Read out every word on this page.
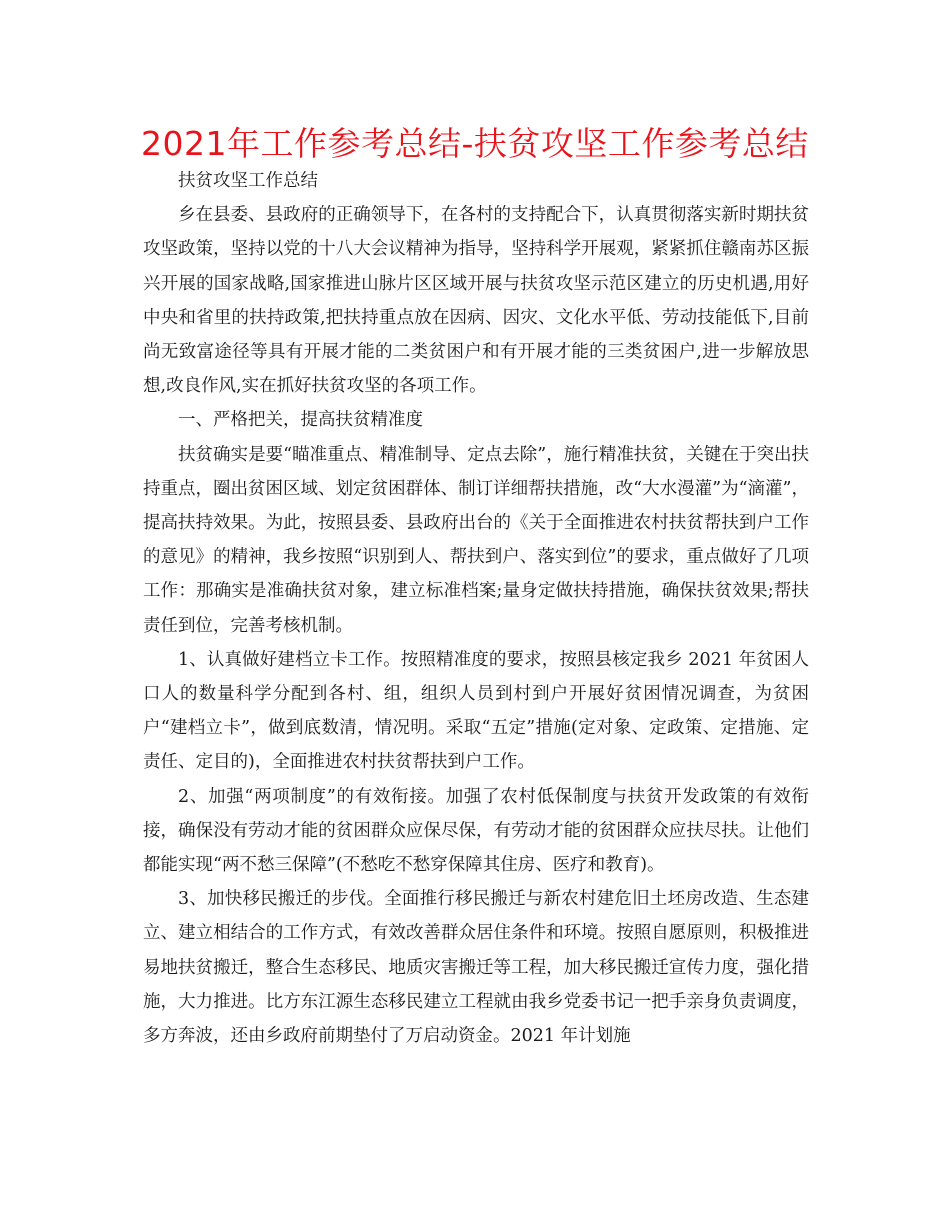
2021年工作参考总结-扶贫攻坚工作参考总结

扶贫攻坚工作总结

乡在县委、县政府的正确领导下，在各村的支持配合下，认真贯彻落实新时期扶贫攻坚政策，坚持以党的十八大会议精神为指导，坚持科学开展观，紧紧抓住赣南苏区振兴开展的国家战略,国家推进山脉片区区域开展与扶贫攻坚示范区建立的历史机遇,用好中央和省里的扶持政策,把扶持重点放在因病、因灾、文化水平低、劳动技能低下,目前尚无致富途径等具有开展才能的二类贫困户和有开展才能的三类贫困户,进一步解放思想,改良作风,实在抓好扶贫攻坚的各项工作。

一、严格把关，提高扶贫精准度

扶贫确实是要“瞄准重点、精准制导、定点去除”，施行精准扶贫，关键在于突出扶持重点，圈出贫困区域、划定贫困群体、制订详细帮扶措施，改“大水漫灌”为“滴灌”，提高扶持效果。为此，按照县委、县政府出台的《关于全面推进农村扶贫帮扶到户工作的意见》的精神，我乡按照“识别到人、帮扶到户、落实到位”的要求，重点做好了几项工作：那确实是准确扶贫对象，建立标准档案;量身定做扶持措施，确保扶贫效果;帮扶责任到位，完善考核机制。

1、认真做好建档立卡工作。按照精准度的要求，按照县核定我乡 2021 年贫困人口人的数量科学分配到各村、组，组织人员到村到户开展好贫困情况调查，为贫困户“建档立卡”，做到底数清，情况明。采取“五定”措施(定对象、定政策、定措施、定责任、定目的)，全面推进农村扶贫帮扶到户工作。

2、加强“两项制度”的有效衔接。加强了农村低保制度与扶贫开发政策的有效衔接，确保没有劳动才能的贫困群众应保尽保，有劳动才能的贫困群众应扶尽扶。让他们都能实现“两不愁三保障”(不愁吃不愁穿保障其住房、医疗和教育)。

3、加快移民搬迁的步伐。全面推行移民搬迁与新农村建危旧土坯房改造、生态建立、建立相结合的工作方式，有效改善群众居住条件和环境。按照自愿原则，积极推进易地扶贫搬迁，整合生态移民、地质灾害搬迁等工程，加大移民搬迁宣传力度，强化措施，大力推进。比方东江源生态移民建立工程就由我乡党委书记一把手亲身负责调度，多方奔波，还由乡政府前期垫付了万启动资金。2021 年计划施
